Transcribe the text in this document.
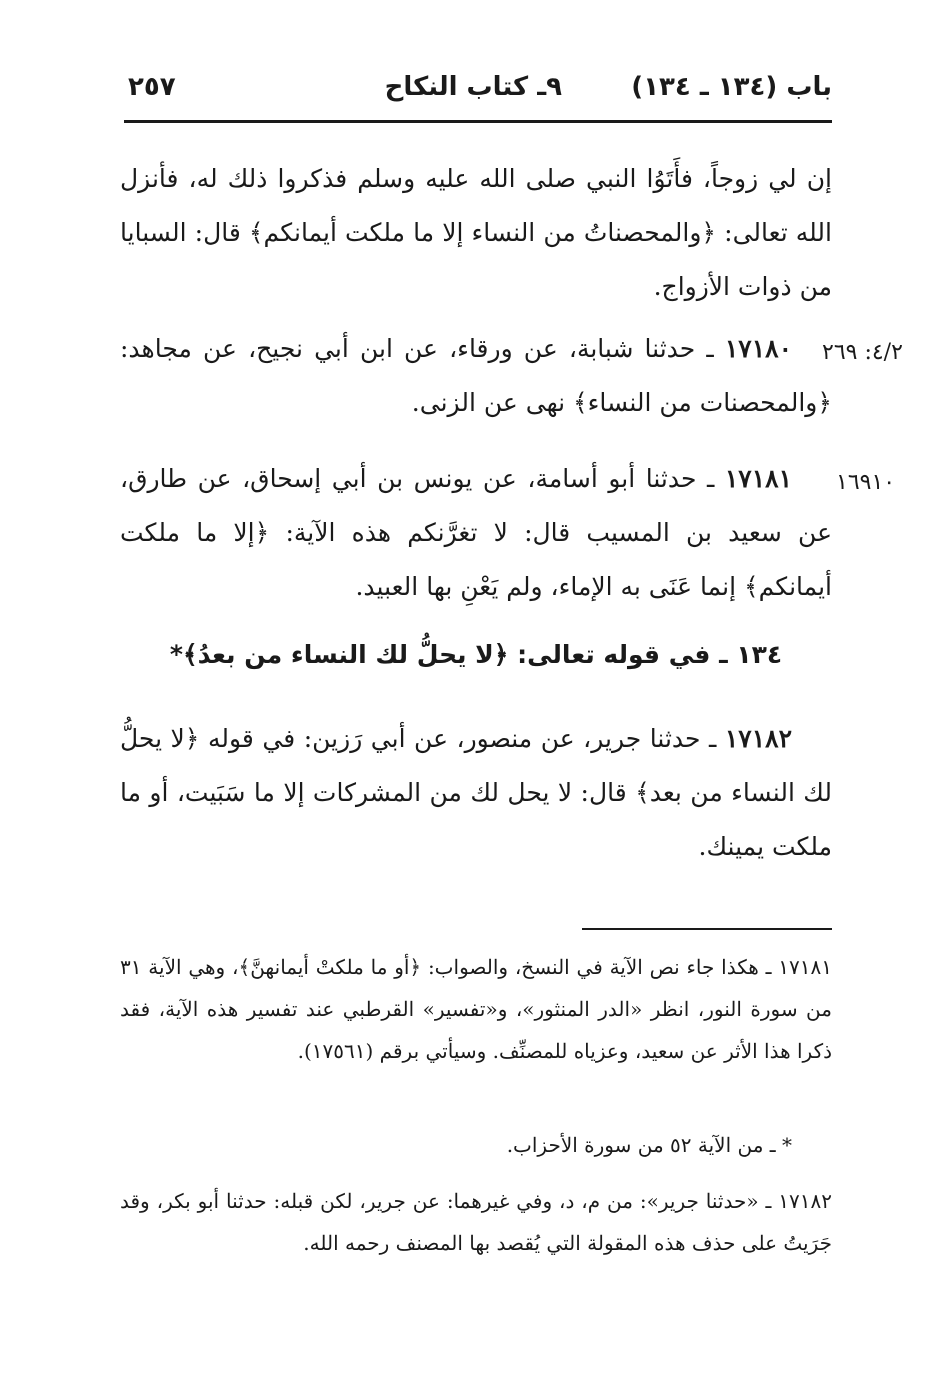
باب (١٣٤ ـ ١٣٤)
٩ـ كتاب النكاح
٢٥٧
إن لي زوجاً، فأَتَوُا النبي صلى الله عليه وسلم فذكروا ذلك له، فأنزل الله تعالى: ﴿والمحصناتُ من النساء إلا ما ملكت أيمانكم﴾ قال: السبايا من ذوات الأزواج.
٤/٢: ٢٦٩
١٧١٨٠ ـ حدثنا شبابة، عن ورقاء، عن ابن أبي نجيح، عن مجاهد: ﴿والمحصنات من النساء﴾ نهى عن الزنى.
١٦٩١٠
١٧١٨١ ـ حدثنا أبو أسامة، عن يونس بن أبي إسحاق، عن طارق، عن سعيد بن المسيب قال: لا تغرَّنكم هذه الآية: ﴿إلا ما ملكت أيمانكم﴾ إنما عَنَى به الإماء، ولم يَعْنِ بها العبيد.
١٣٤ ـ في قوله تعالى: ﴿لا يحلُّ لك النساء من بعدُ﴾*
١٧١٨٢ ـ حدثنا جرير، عن منصور، عن أبي رَزين: في قوله ﴿لا يحلُّ لك النساء من بعد﴾ قال: لا يحل لك من المشركات إلا ما سَبَيت، أو ما ملكت يمينك.
١٧١٨١ ـ هكذا جاء نص الآية في النسخ، والصواب: ﴿أو ما ملكتْ أيمانهنَّ﴾، وهي الآية ٣١ من سورة النور، انظر «الدر المنثور»، و«تفسير» القرطبي عند تفسير هذه الآية، فقد ذكرا هذا الأثر عن سعيد، وعزياه للمصنِّف. وسيأتي برقم (١٧٥٦١).
* ـ من الآية ٥٢ من سورة الأحزاب.
١٧١٨٢ ـ «حدثنا جرير»: من م، د، وفي غيرهما: عن جرير، لكن قبله: حدثنا أبو بكر، وقد جَرَيتُ على حذف هذه المقولة التي يُقصد بها المصنف رحمه الله.
